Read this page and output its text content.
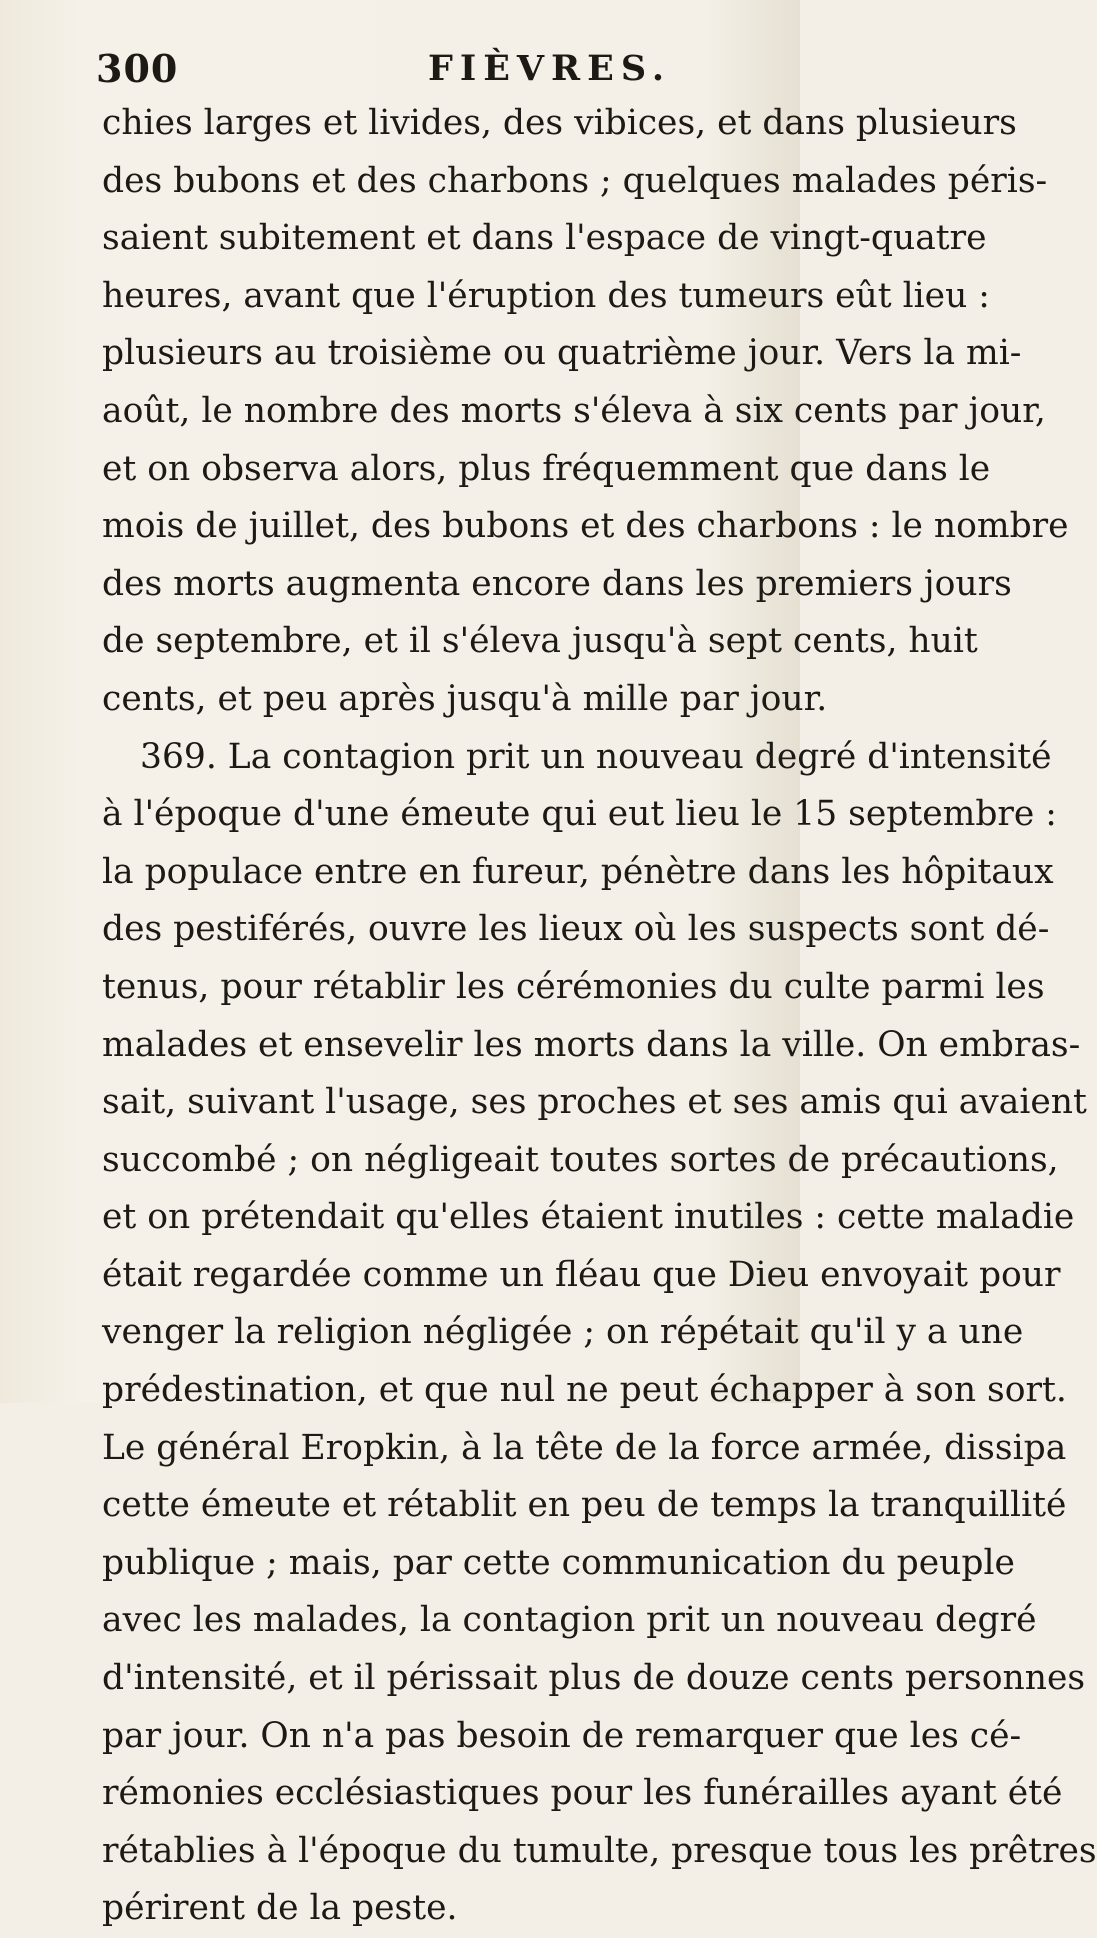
300	FIÈVRES.
chies larges et livides, des vibices, et dans plusieurs
des bubons et des charbons ; quelques malades péris-
saient subitement et dans l'espace de vingt-quatre
heures, avant que l'éruption des tumeurs eût lieu :
plusieurs au troisième ou quatrième jour. Vers la mi-
août, le nombre des morts s'éleva à six cents par jour,
et on observa alors, plus fréquemment que dans le
mois de juillet, des bubons et des charbons : le nombre
des morts augmenta encore dans les premiers jours
de septembre, et il s'éleva jusqu'à sept cents, huit
cents, et peu après jusqu'à mille par jour.
369. La contagion prit un nouveau degré d'intensité
à l'époque d'une émeute qui eut lieu le 15 septembre :
la populace entre en fureur, pénètre dans les hôpitaux
des pestiférés, ouvre les lieux où les suspects sont dé-
tenus, pour rétablir les cérémonies du culte parmi les
malades et ensevelir les morts dans la ville. On embras-
sait, suivant l'usage, ses proches et ses amis qui avaient
succombé ; on négligeait toutes sortes de précautions,
et on prétendait qu'elles étaient inutiles : cette maladie
était regardée comme un fléau que Dieu envoyait pour
venger la religion négligée ; on répétait qu'il y a une
prédestination, et que nul ne peut échapper à son sort.
Le général Eropkin, à la tête de la force armée, dissipa
cette émeute et rétablit en peu de temps la tranquillité
publique ; mais, par cette communication du peuple
avec les malades, la contagion prit un nouveau degré
d'intensité, et il périssait plus de douze cents personnes
par jour. On n'a pas besoin de remarquer que les cé-
rémonies ecclésiastiques pour les funérailles ayant été
rétablies à l'époque du tumulte, presque tous les prêtres
périrent de la peste.
